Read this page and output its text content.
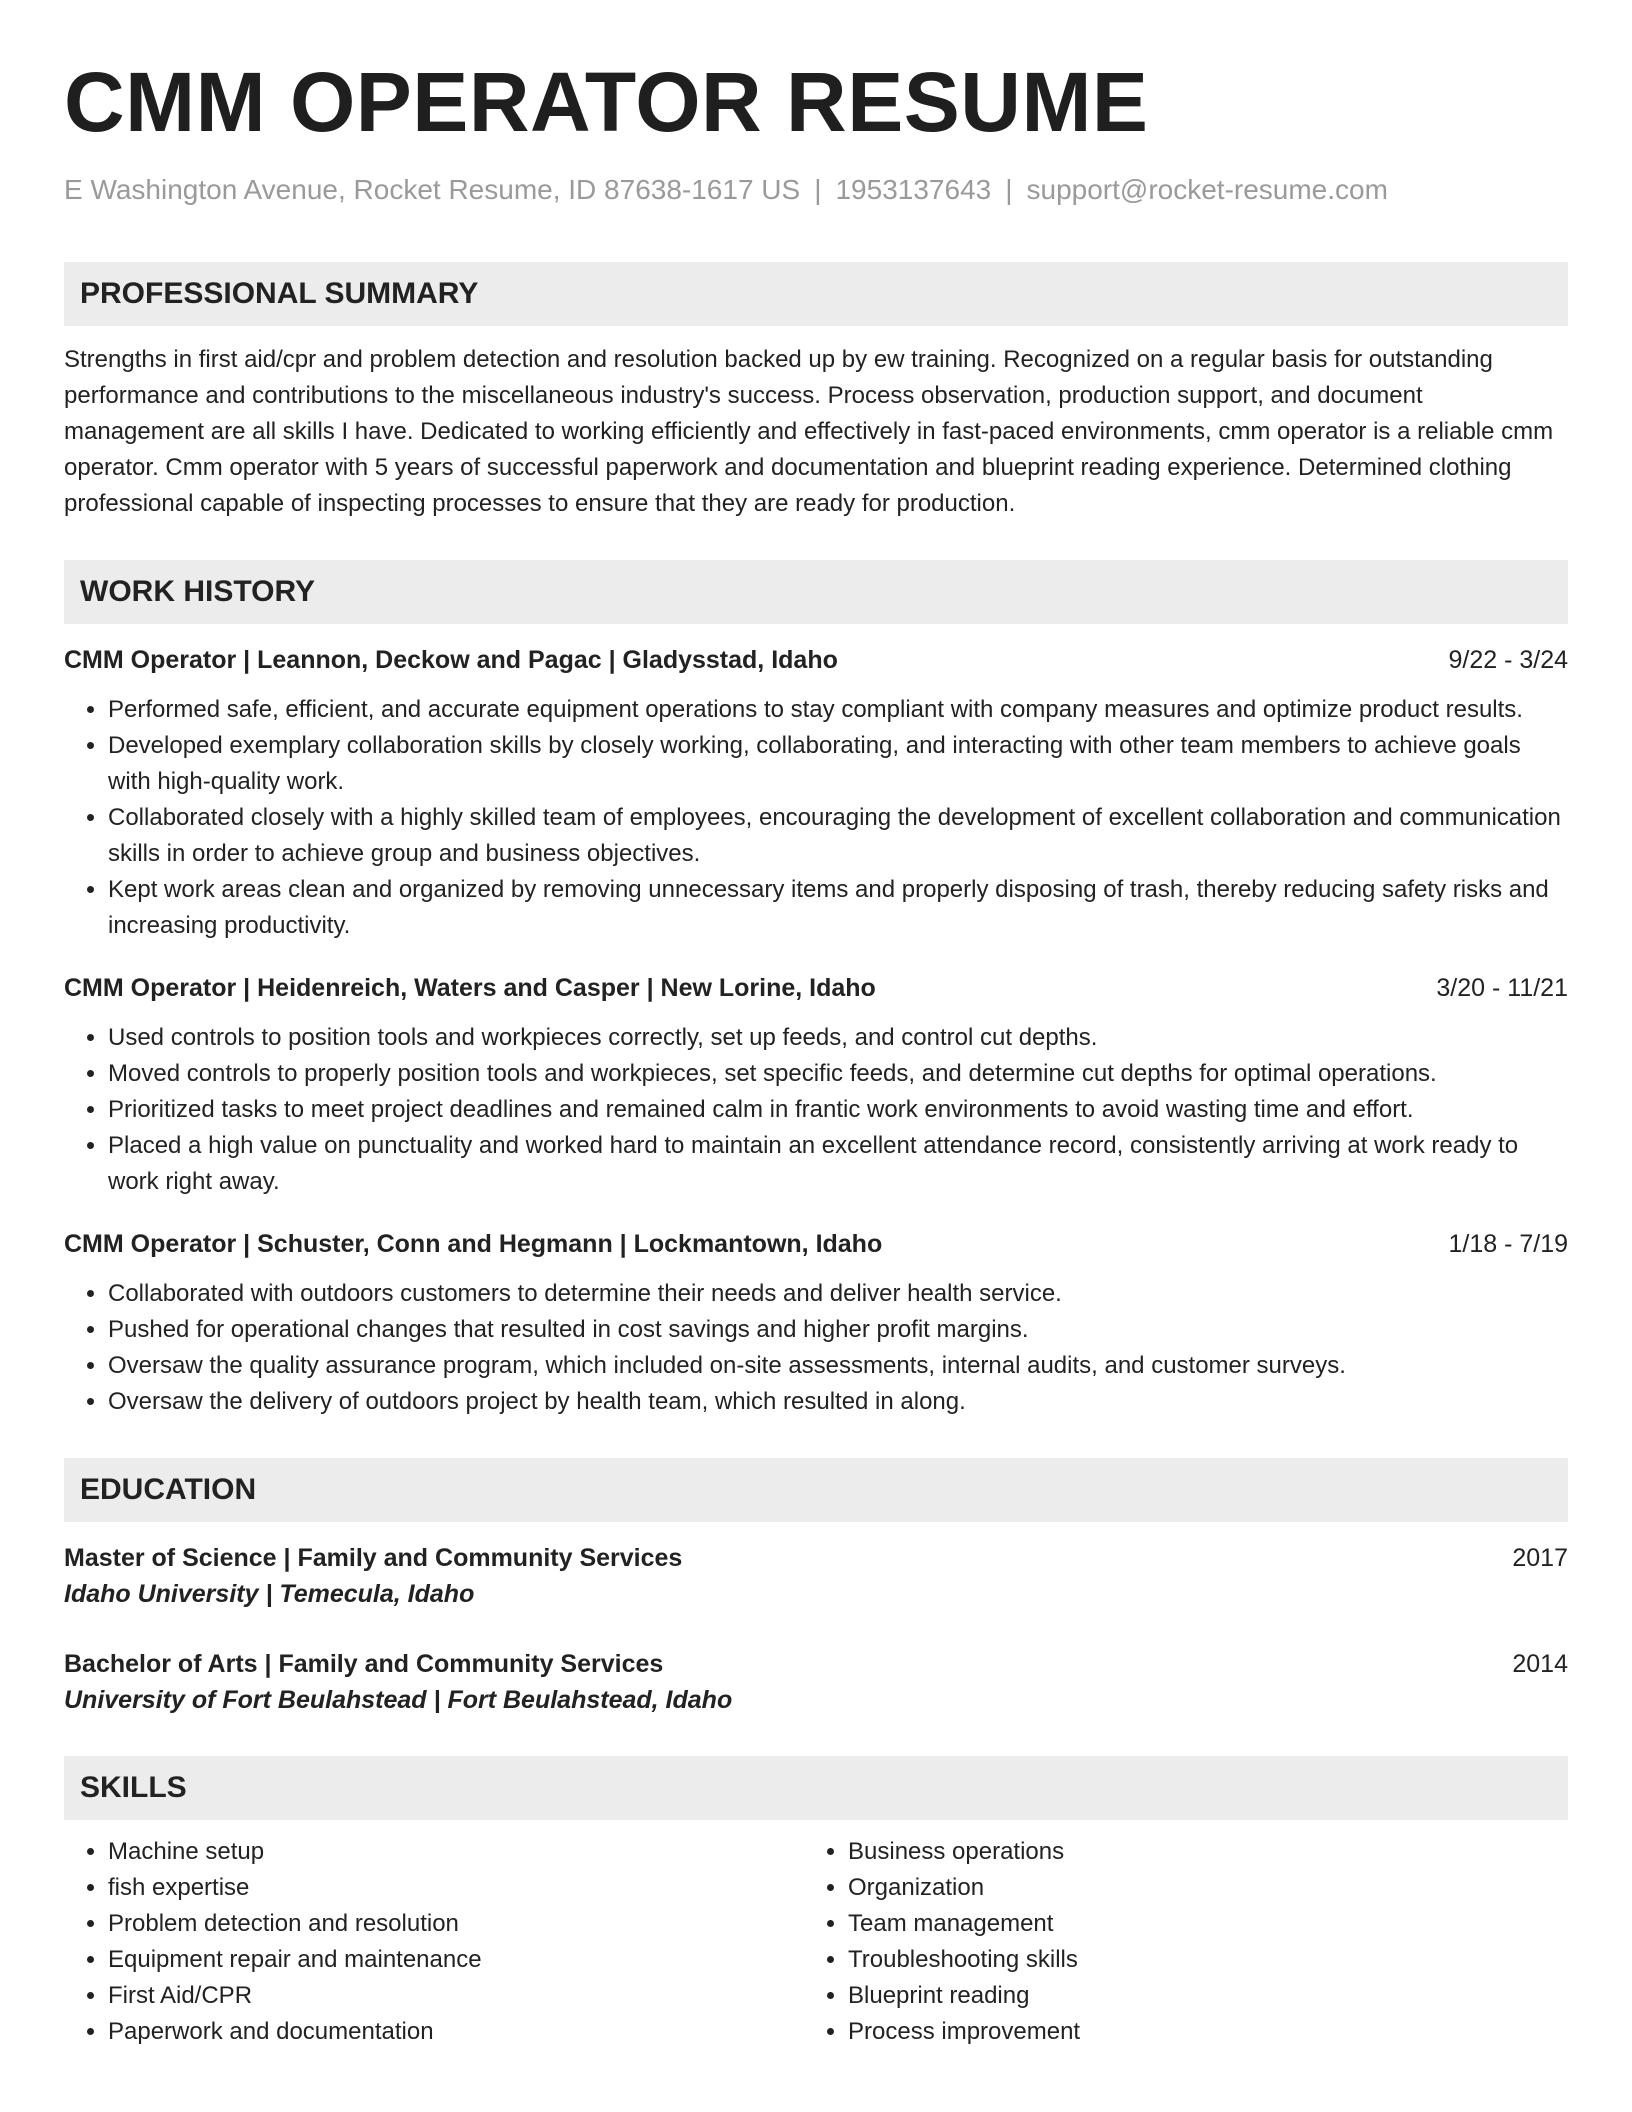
CMM OPERATOR RESUME
E Washington Avenue, Rocket Resume, ID 87638-1617 US | 1953137643 | support@rocket-resume.com
PROFESSIONAL SUMMARY
Strengths in first aid/cpr and problem detection and resolution backed up by ew training. Recognized on a regular basis for outstanding performance and contributions to the miscellaneous industry's success. Process observation, production support, and document management are all skills I have. Dedicated to working efficiently and effectively in fast-paced environments, cmm operator is a reliable cmm operator. Cmm operator with 5 years of successful paperwork and documentation and blueprint reading experience. Determined clothing professional capable of inspecting processes to ensure that they are ready for production.
WORK HISTORY
CMM Operator | Leannon, Deckow and Pagac | Gladysstad, Idaho	9/22 - 3/24
• Performed safe, efficient, and accurate equipment operations to stay compliant with company measures and optimize product results.
• Developed exemplary collaboration skills by closely working, collaborating, and interacting with other team members to achieve goals with high-quality work.
• Collaborated closely with a highly skilled team of employees, encouraging the development of excellent collaboration and communication skills in order to achieve group and business objectives.
• Kept work areas clean and organized by removing unnecessary items and properly disposing of trash, thereby reducing safety risks and increasing productivity.
CMM Operator | Heidenreich, Waters and Casper | New Lorine, Idaho	3/20 - 11/21
• Used controls to position tools and workpieces correctly, set up feeds, and control cut depths.
• Moved controls to properly position tools and workpieces, set specific feeds, and determine cut depths for optimal operations.
• Prioritized tasks to meet project deadlines and remained calm in frantic work environments to avoid wasting time and effort.
• Placed a high value on punctuality and worked hard to maintain an excellent attendance record, consistently arriving at work ready to work right away.
CMM Operator | Schuster, Conn and Hegmann | Lockmantown, Idaho	1/18 - 7/19
• Collaborated with outdoors customers to determine their needs and deliver health service.
• Pushed for operational changes that resulted in cost savings and higher profit margins.
• Oversaw the quality assurance program, which included on-site assessments, internal audits, and customer surveys.
• Oversaw the delivery of outdoors project by health team, which resulted in along.
EDUCATION
Master of Science | Family and Community Services	2017
Idaho University | Temecula, Idaho
Bachelor of Arts | Family and Community Services	2014
University of Fort Beulahstead | Fort Beulahstead, Idaho
SKILLS
• Machine setup
• fish expertise
• Problem detection and resolution
• Equipment repair and maintenance
• First Aid/CPR
• Paperwork and documentation
• Business operations
• Organization
• Team management
• Troubleshooting skills
• Blueprint reading
• Process improvement
